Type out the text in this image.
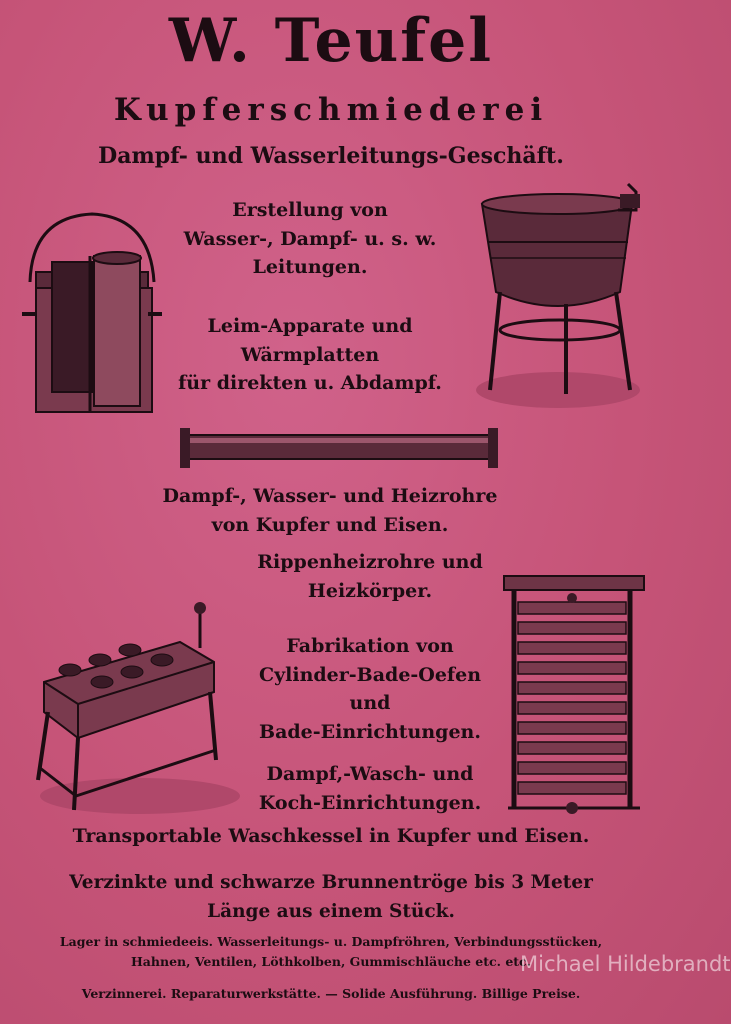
W. Teufel
Kupferschmiederei
Dampf- und Wasserleitungs-Geschäft.
Erstellung von
Wasser-, Dampf- u. s. w.
Leitungen.
Leim-Apparate und
Wärmplatten
für direkten u. Abdampf.
Dampf-, Wasser- und Heizrohre
von Kupfer und Eisen.
Rippenheizrohre und
Heizkörper.
Fabrikation von
Cylinder-Bade-Oefen
und
Bade-Einrichtungen.
Dampf,-Wasch- und
Koch-Einrichtungen.
Transportable Waschkessel in Kupfer und Eisen.
Verzinkte und schwarze Brunnentröge bis 3 Meter
Länge aus einem Stück.
Lager in schmiedeeis. Wasserleitungs- u. Dampfröhren, Verbindungsstücken,
Hahnen, Ventilen, Löthkolben, Gummischläuche etc. etc.
Verzinnerei. Reparaturwerkstätte. — Solide Ausführung. Billige Preise.
Michael Hildebrandt
